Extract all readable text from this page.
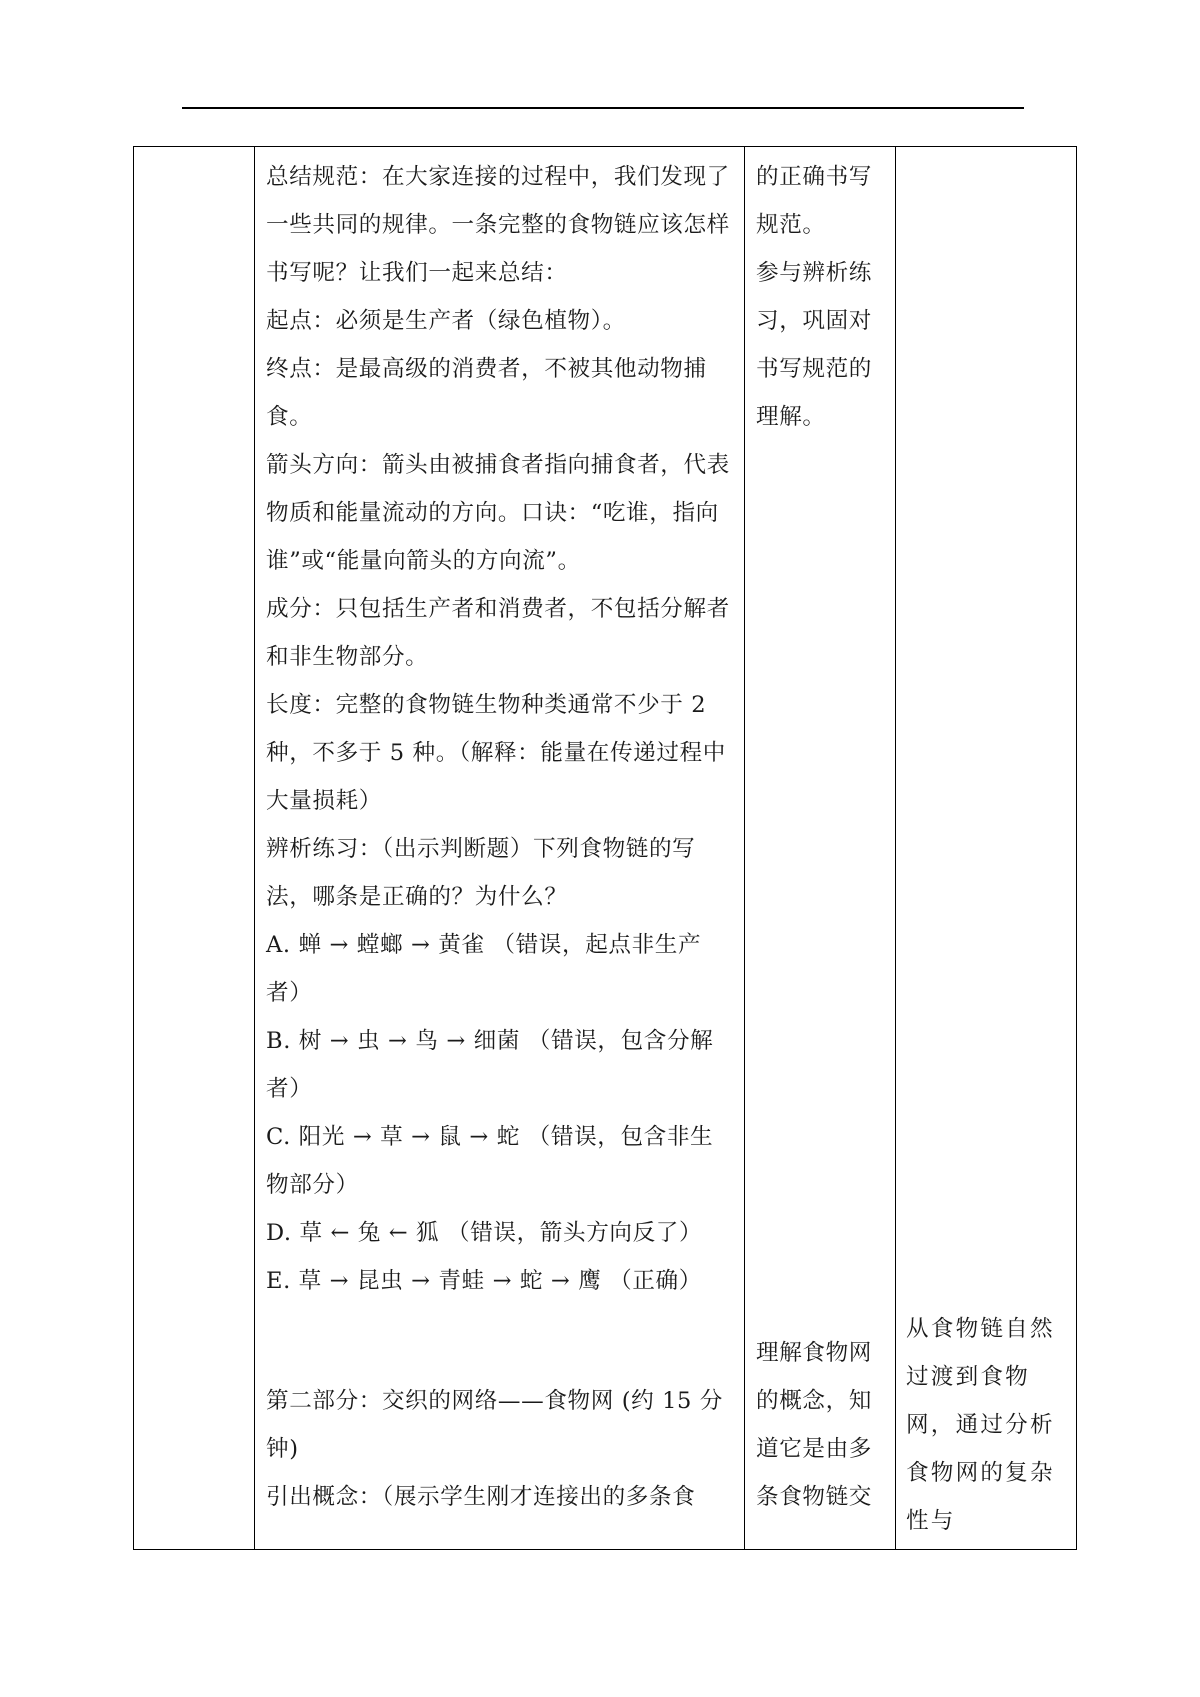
总结规范：在大家连接的过程中，我们发现了一些共同的规律。一条完整的食物链应该怎样书写呢？让我们一起来总结：

起点：必须是生产者（绿色植物）。

终点：是最高级的消费者，不被其他动物捕食。

箭头方向：箭头由被捕食者指向捕食者，代表物质和能量流动的方向。口诀：“吃谁，指向谁”或“能量向箭头的方向流”。

成分：只包括生产者和消费者，不包括分解者和非生物部分。

长度：完整的食物链生物种类通常不少于 2 种，不多于 5 种。（解释：能量在传递过程中大量损耗）

辨析练习：（出示判断题）下列食物链的写法，哪条是正确的？为什么？

A. 蝉 → 螳螂 → 黄雀 （错误，起点非生产者）

B. 树 → 虫 → 鸟 → 细菌 （错误，包含分解者）

C. 阳光 → 草 → 鼠 → 蛇 （错误，包含非生物部分）

D. 草 ← 兔 ← 狐 （错误，箭头方向反了）

E. 草 → 昆虫 → 青蛙 → 蛇 → 鹰 （正确）

第二部分：交织的网络——食物网 (约 15 分钟)

引出概念：（展示学生刚才连接出的多条食

的正确书写规范。

参与辨析练习，巩固对书写规范的理解。

理解食物网的概念，知道它是由多条食物链交

从食物链自然过渡到食物网，通过分析食物网的复杂性与
